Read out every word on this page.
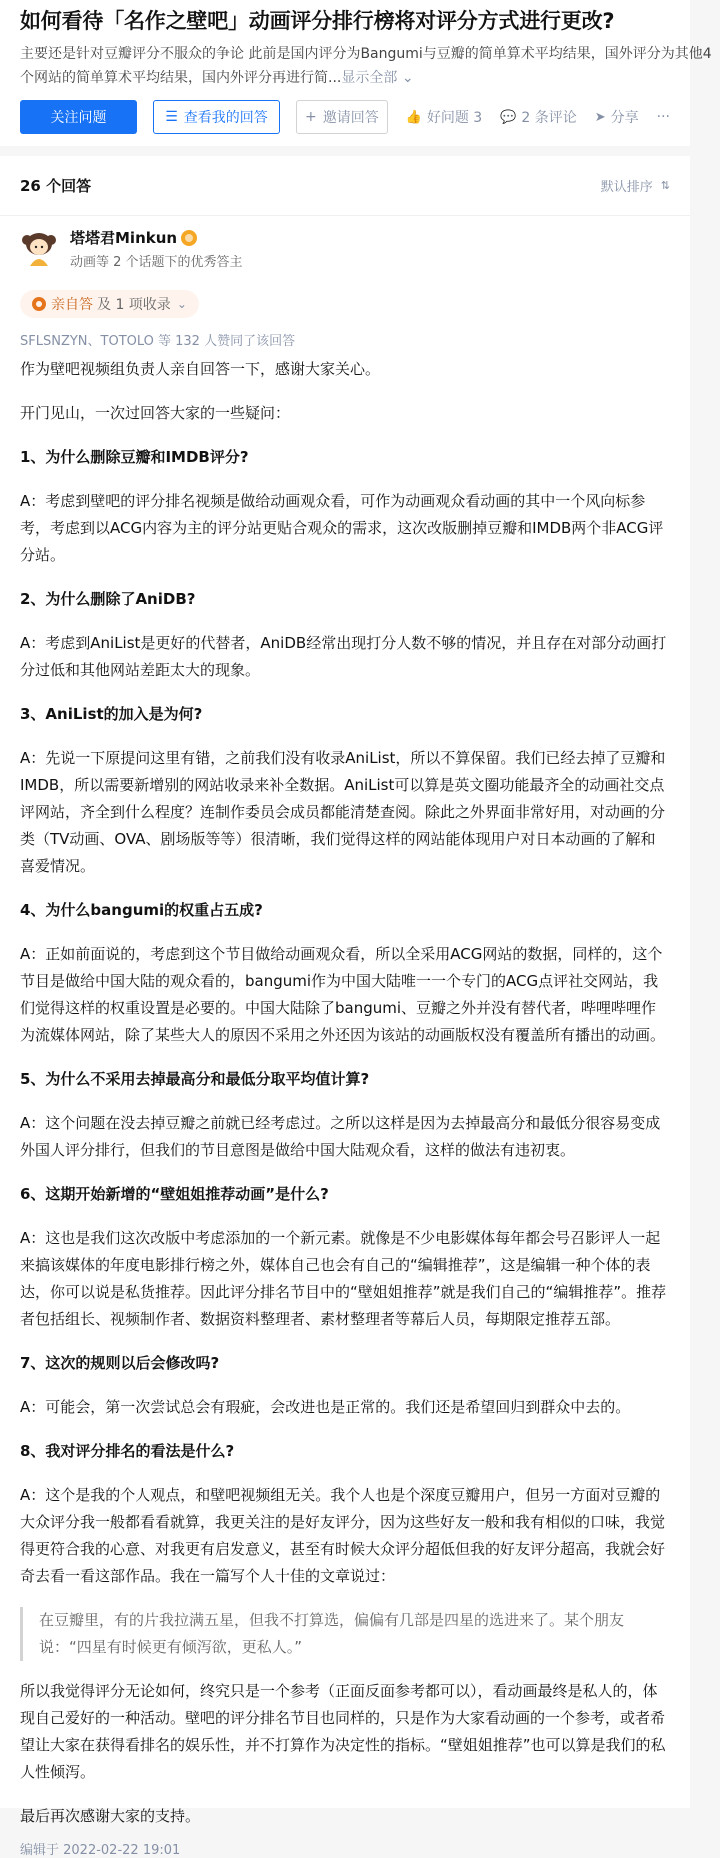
如何看待「名作之壁吧」动画评分排行榜将对评分方式进行更改?
主要还是针对豆瓣评分不服众的争论 此前是国内评分为Bangumi与豆瓣的简单算术平均结果，国外评分为其他4个网站的简单算术平均结果，国内外评分再进行简...显示全部 ⌄
关注问题	☰ 查看我的回答	+ 邀请回答 👍 好问题 3 💬 2 条评论 ➤ 分享 ···
26 个回答	默认排序 ⇅
塔塔君Minkun
动画等 2 个话题下的优秀答主
亲自答 及 1 项收录 ⌄
SFLSNZYN、TOTOLO 等 132 人赞同了该回答

作为壁吧视频组负责人亲自回答一下，感谢大家关心。

开门见山，一次过回答大家的一些疑问：

1、为什么删除豆瓣和IMDB评分?

A：考虑到壁吧的评分排名视频是做给动画观众看，可作为动画观众看动画的其中一个风向标参考，考虑到以ACG内容为主的评分站更贴合观众的需求，这次改版删掉豆瓣和IMDB两个非ACG评分站。

2、为什么删除了AniDB?

A：考虑到AniList是更好的代替者，AniDB经常出现打分人数不够的情况，并且存在对部分动画打分过低和其他网站差距太大的现象。

3、AniList的加入是为何?

A：先说一下原提问这里有错，之前我们没有收录AniList，所以不算保留。我们已经去掉了豆瓣和IMDB，所以需要新增别的网站收录来补全数据。AniList可以算是英文圈功能最齐全的动画社交点评网站，齐全到什么程度？连制作委员会成员都能清楚查阅。除此之外界面非常好用，对动画的分类（TV动画、OVA、剧场版等等）很清晰，我们觉得这样的网站能体现用户对日本动画的了解和喜爱情况。

4、为什么bangumi的权重占五成?

A：正如前面说的，考虑到这个节目做给动画观众看，所以全采用ACG网站的数据，同样的，这个节目是做给中国大陆的观众看的，bangumi作为中国大陆唯一一个专门的ACG点评社交网站，我们觉得这样的权重设置是必要的。中国大陆除了bangumi、豆瓣之外并没有替代者，哔哩哔哩作为流媒体网站，除了某些大人的原因不采用之外还因为该站的动画版权没有覆盖所有播出的动画。

5、为什么不采用去掉最高分和最低分取平均值计算?

A：这个问题在没去掉豆瓣之前就已经考虑过。之所以这样是因为去掉最高分和最低分很容易变成外国人评分排行，但我们的节目意图是做给中国大陆观众看，这样的做法有违初衷。

6、这期开始新增的“壁姐姐推荐动画”是什么?

A：这也是我们这次改版中考虑添加的一个新元素。就像是不少电影媒体每年都会号召影评人一起来搞该媒体的年度电影排行榜之外，媒体自己也会有自己的“编辑推荐”，这是编辑一种个体的表达，你可以说是私货推荐。因此评分排名节目中的“壁姐姐推荐”就是我们自己的“编辑推荐”。推荐者包括组长、视频制作者、数据资料整理者、素材整理者等幕后人员，每期限定推荐五部。

7、这次的规则以后会修改吗?

A：可能会，第一次尝试总会有瑕疵，会改进也是正常的。我们还是希望回归到群众中去的。

8、我对评分排名的看法是什么?

A：这个是我的个人观点，和壁吧视频组无关。我个人也是个深度豆瓣用户，但另一方面对豆瓣的大众评分我一般都看看就算，我更关注的是好友评分，因为这些好友一般和我有相似的口味，我觉得更符合我的心意、对我更有启发意义，甚至有时候大众评分超低但我的好友评分超高，我就会好奇去看一看这部作品。我在一篇写个人十佳的文章说过：

在豆瓣里，有的片我拉满五星，但我不打算选，偏偏有几部是四星的选进来了。某个朋友说：“四星有时候更有倾泻欲，更私人。”

所以我觉得评分无论如何，终究只是一个参考（正面反面参考都可以），看动画最终是私人的，体现自己爱好的一种活动。壁吧的评分排名节目也同样的，只是作为大家看动画的一个参考，或者希望让大家在获得看排名的娱乐性，并不打算作为决定性的指标。“壁姐姐推荐”也可以算是我们的私人性倾泻。

最后再次感谢大家的支持。

编辑于 2022-02-22 19:01
